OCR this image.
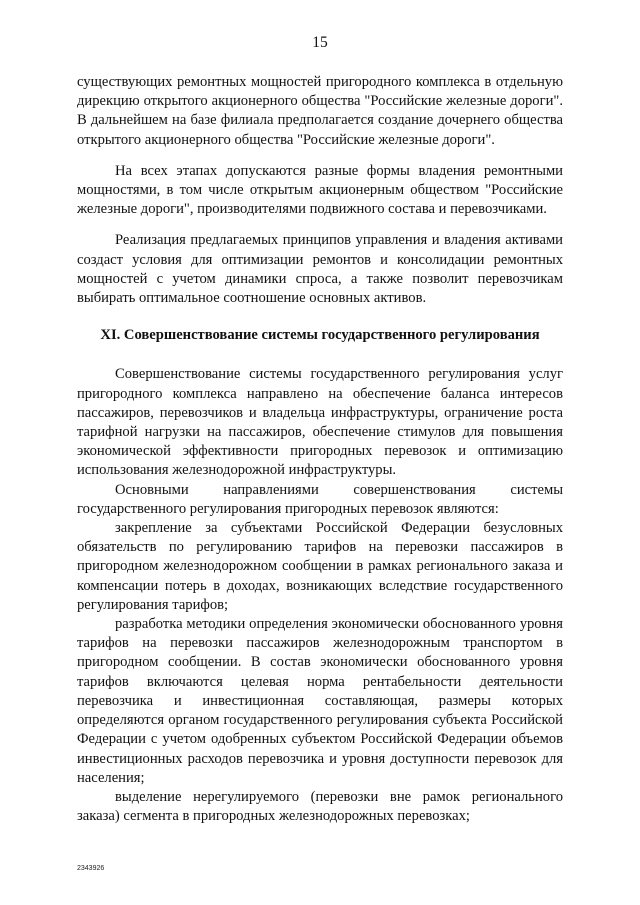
15

существующих ремонтных мощностей пригородного комплекса в отдельную дирекцию открытого акционерного общества "Российские железные дороги". В дальнейшем на базе филиала предполагается создание дочернего общества открытого акционерного общества "Российские железные дороги".

На всех этапах допускаются разные формы владения ремонтными мощностями, в том числе открытым акционерным обществом "Российские железные дороги", производителями подвижного состава и перевозчиками.

Реализация предлагаемых принципов управления и владения активами создаст условия для оптимизации ремонтов и консолидации ремонтных мощностей с учетом динамики спроса, а также позволит перевозчикам выбирать оптимальное соотношение основных активов.

XI. Совершенствование системы государственного регулирования

Совершенствование системы государственного регулирования услуг пригородного комплекса направлено на обеспечение баланса интересов пассажиров, перевозчиков и владельца инфраструктуры, ограничение роста тарифной нагрузки на пассажиров, обеспечение стимулов для повышения экономической эффективности пригородных перевозок и оптимизацию использования железнодорожной инфраструктуры.

Основными направлениями совершенствования системы государственного регулирования пригородных перевозок являются:

закрепление за субъектами Российской Федерации безусловных обязательств по регулированию тарифов на перевозки пассажиров в пригородном железнодорожном сообщении в рамках регионального заказа и компенсации потерь в доходах, возникающих вследствие государственного регулирования тарифов;

разработка методики определения экономически обоснованного уровня тарифов на перевозки пассажиров железнодорожным транспортом в пригородном сообщении. В состав экономически обоснованного уровня тарифов включаются целевая норма рентабельности деятельности перевозчика и инвестиционная составляющая, размеры которых определяются органом государственного регулирования субъекта Российской Федерации с учетом одобренных субъектом Российской Федерации объемов инвестиционных расходов перевозчика и уровня доступности перевозок для населения;

выделение нерегулируемого (перевозки вне рамок регионального заказа) сегмента в пригородных железнодорожных перевозках;

2343926
